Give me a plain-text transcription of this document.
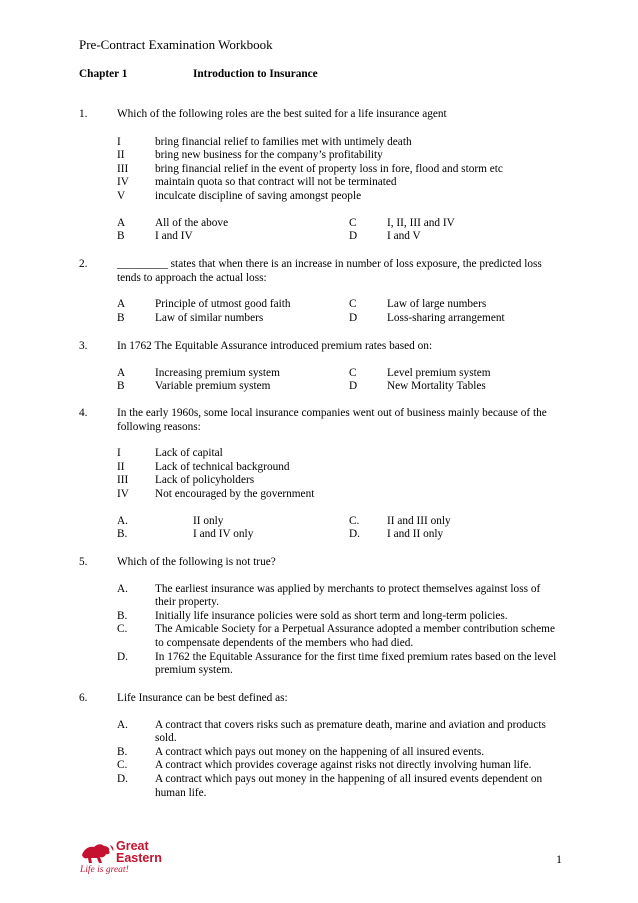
Pre-Contract Examination Workbook
Chapter 1	Introduction to Insurance
1.	Which of the following roles are the best suited for a life insurance agent
I	bring financial relief to families met with untimely death
II	bring new business for the company’s profitability
III	bring financial relief in the event of property loss in fore, flood and storm etc
IV	maintain quota so that contract will not be terminated
V	inculcate discipline of saving amongst people
A	All of the above	C	I, II, III and IV
B	I and IV	D	I and V
2.	_________ states that when there is an increase in number of loss exposure, the predicted loss tends to approach the actual loss:
A	Principle of utmost good faith	C	Law of large numbers
B	Law of similar numbers	D	Loss-sharing arrangement
3.	In 1762 The Equitable Assurance introduced premium rates based on:
A	Increasing premium system	C	Level premium system
B	Variable premium system	D	New Mortality Tables
4.	In the early 1960s, some local insurance companies went out of business mainly because of the following reasons:
I	Lack of capital
II	Lack of technical background
III	Lack of policyholders
IV	Not encouraged by the government
A.	II only	C.	II and III only
B.	I and IV only	D.	I and II only
5.	Which of the following is not true?
A.	The earliest insurance was applied by merchants to protect themselves against loss of their property.
B.	Initially life insurance policies were sold as short term and long-term policies.
C.	The Amicable Society for a Perpetual Assurance adopted a member contribution scheme to compensate dependents of the members who had died.
D.	In 1762 the Equitable Assurance for the first time fixed premium rates based on the level premium system.
6.	Life Insurance can be best defined as:
A.	A contract that covers risks such as premature death, marine and aviation and products sold.
B.	A contract which pays out money on the happening of all insured events.
C.	A contract which provides coverage against risks not directly involving human life.
D.	A contract which pays out money in the happening of all insured events dependent on human life.
Great
Eastern
Life is great!
1
